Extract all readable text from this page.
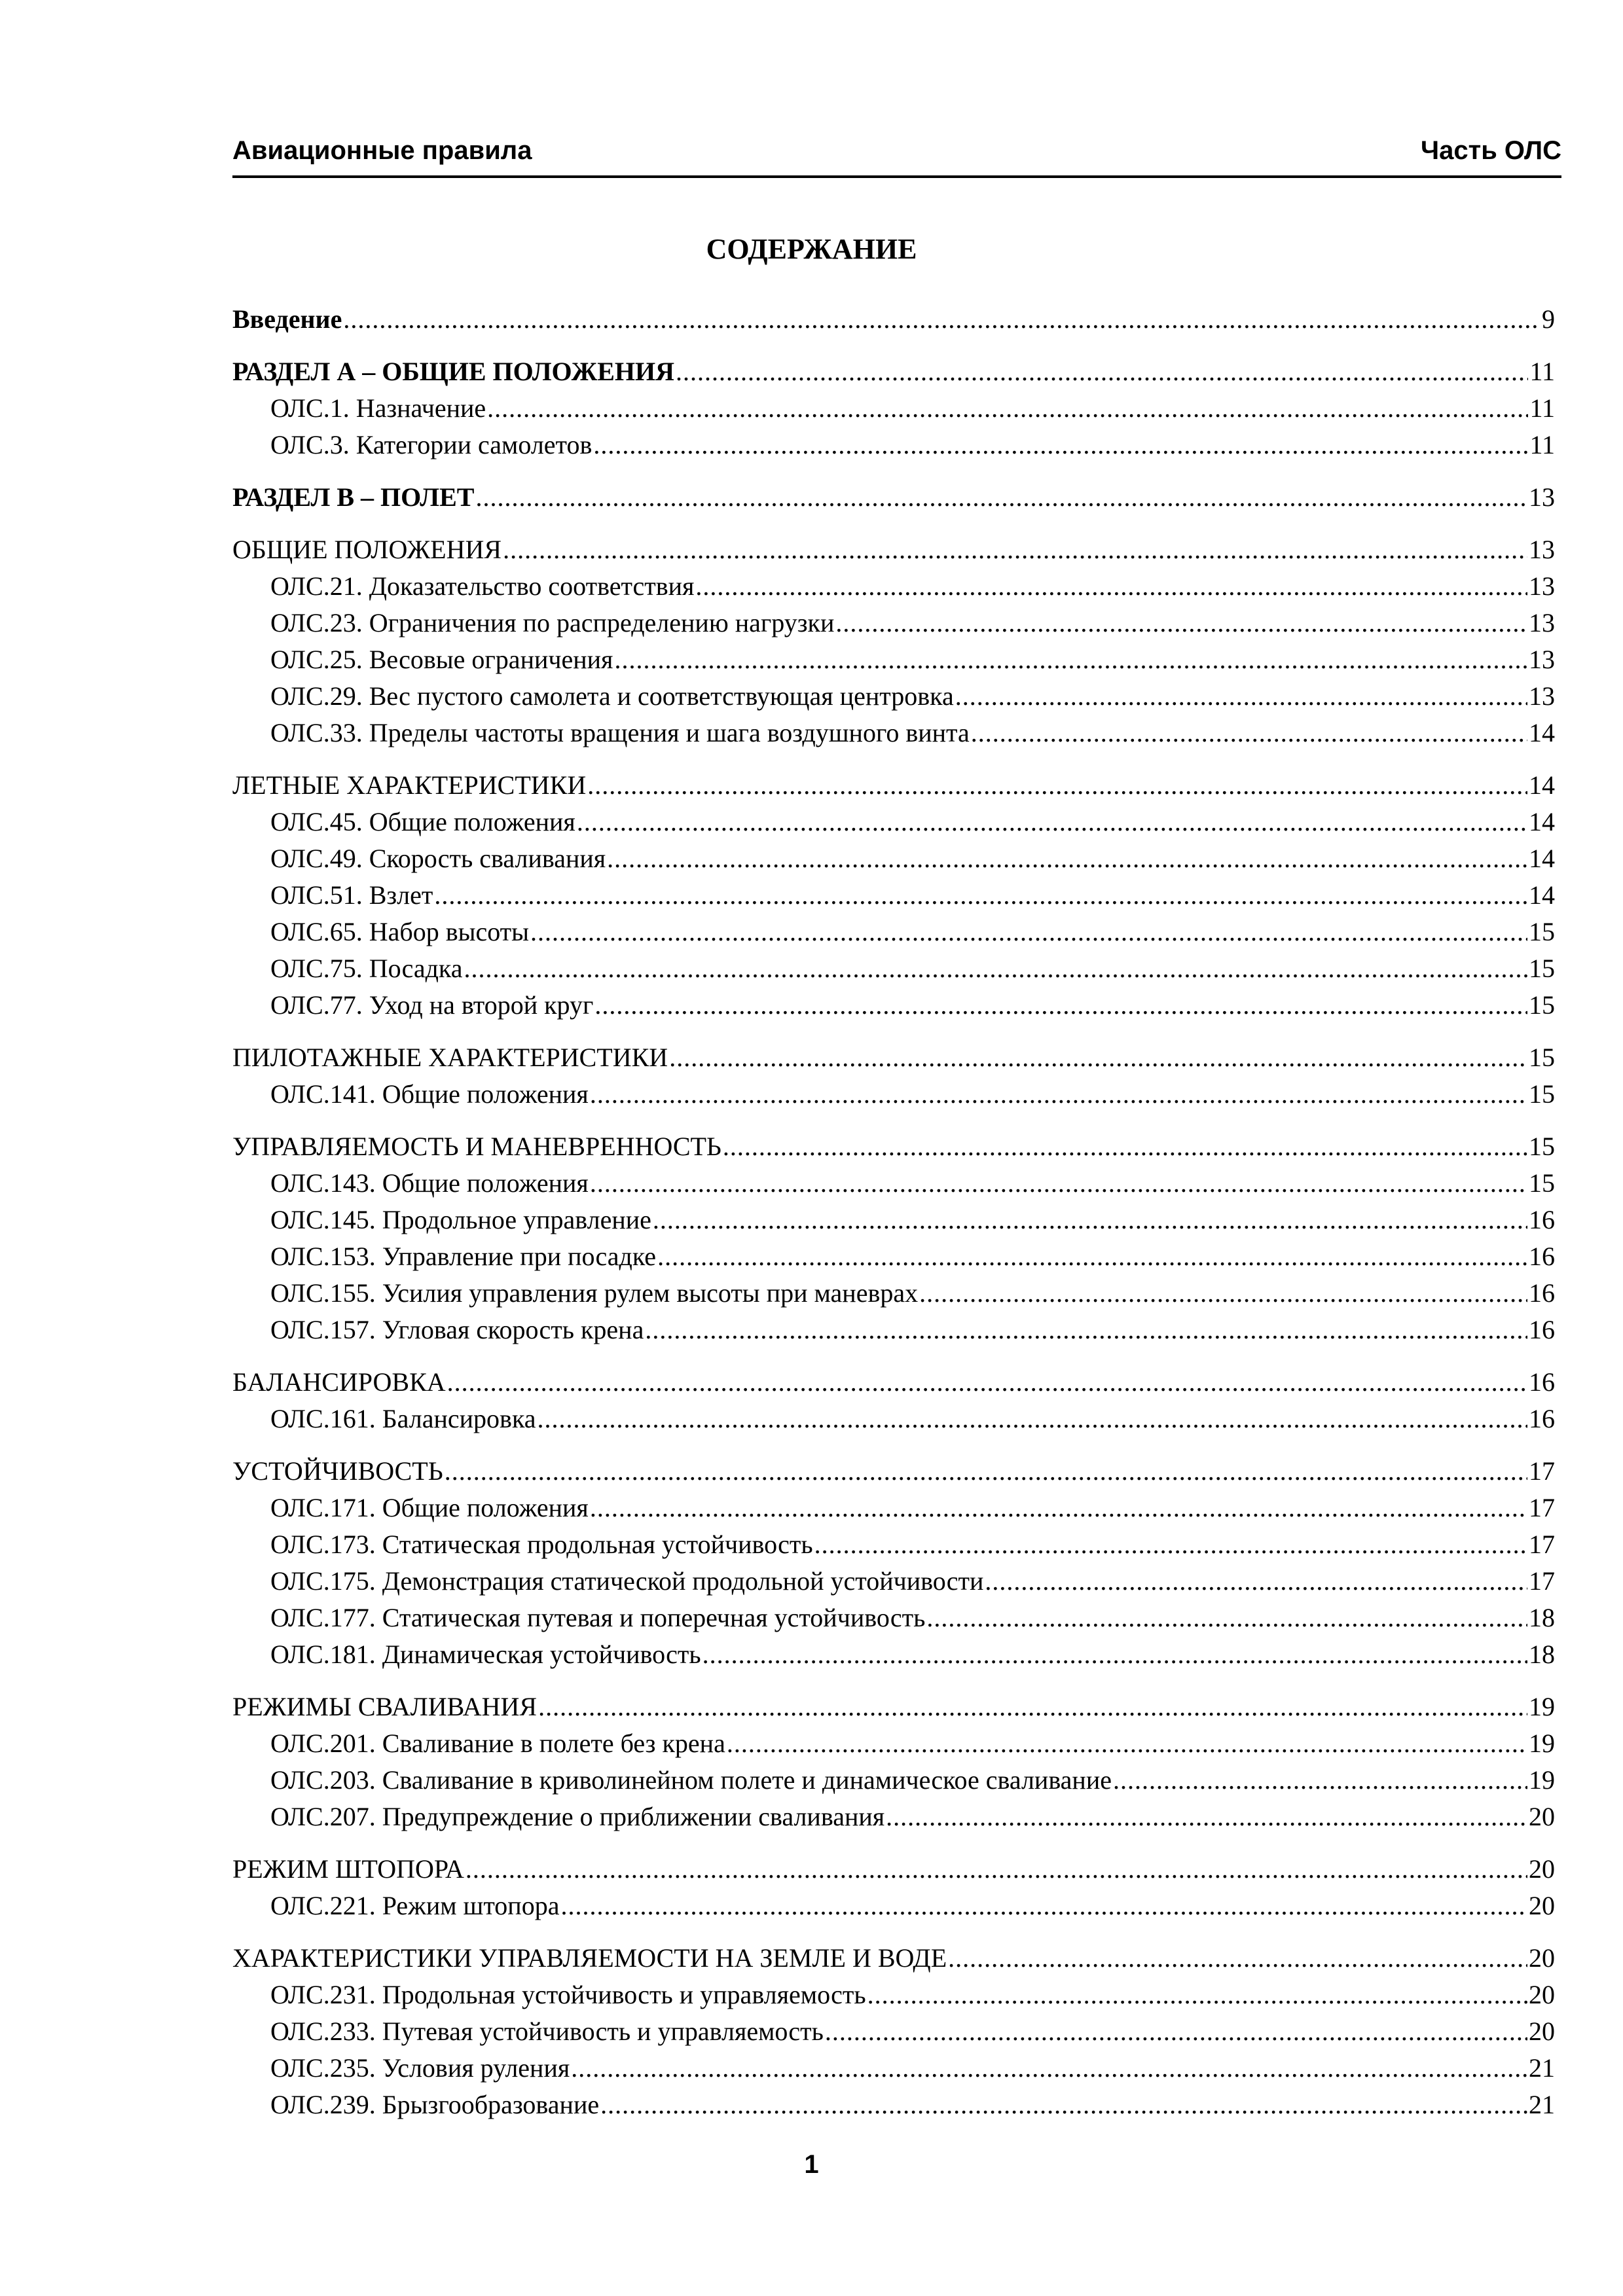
Авиационные правила	Часть ОЛС
СОДЕРЖАНИЕ
Введение .....	9
РАЗДЕЛ А – ОБЩИЕ ПОЛОЖЕНИЯ .....	11
ОЛС.1. Назначение .....	11
ОЛС.3. Категории самолетов .....	11
РАЗДЕЛ В – ПОЛЕТ .....	13
ОБЩИЕ ПОЛОЖЕНИЯ .....	13
ОЛС.21. Доказательство соответствия .....	13
ОЛС.23. Ограничения по распределению нагрузки .....	13
ОЛС.25. Весовые ограничения .....	13
ОЛС.29. Вес пустого самолета и соответствующая центровка .....	13
ОЛС.33. Пределы частоты вращения и шага воздушного винта .....	14
ЛЕТНЫЕ ХАРАКТЕРИСТИКИ .....	14
ОЛС.45. Общие положения .....	14
ОЛС.49. Скорость сваливания .....	14
ОЛС.51. Взлет .....	14
ОЛС.65. Набор высоты .....	15
ОЛС.75. Посадка .....	15
ОЛС.77. Уход на второй круг .....	15
ПИЛОТАЖНЫЕ ХАРАКТЕРИСТИКИ .....	15
ОЛС.141. Общие положения .....	15
УПРАВЛЯЕМОСТЬ И МАНЕВРЕННОСТЬ .....	15
ОЛС.143. Общие положения .....	15
ОЛС.145. Продольное управление .....	16
ОЛС.153. Управление при посадке .....	16
ОЛС.155. Усилия управления рулем высоты при маневрах .....	16
ОЛС.157. Угловая скорость крена .....	16
БАЛАНСИРОВКА .....	16
ОЛС.161. Балансировка .....	16
УСТОЙЧИВОСТЬ .....	17
ОЛС.171. Общие положения .....	17
ОЛС.173. Статическая продольная устойчивость .....	17
ОЛС.175. Демонстрация статической продольной устойчивости .....	17
ОЛС.177. Статическая путевая и поперечная устойчивость .....	18
ОЛС.181. Динамическая устойчивость .....	18
РЕЖИМЫ СВАЛИВАНИЯ .....	19
ОЛС.201. Сваливание в полете без крена .....	19
ОЛС.203. Сваливание в криволинейном полете и динамическое сваливание .....	19
ОЛС.207. Предупреждение о приближении сваливания .....	20
РЕЖИМ ШТОПОРА .....	20
ОЛС.221. Режим штопора .....	20
ХАРАКТЕРИСТИКИ УПРАВЛЯЕМОСТИ НА ЗЕМЛЕ И ВОДЕ .....	20
ОЛС.231. Продольная устойчивость и управляемость .....	20
ОЛС.233. Путевая устойчивость и управляемость .....	20
ОЛС.235. Условия руления .....	21
ОЛС.239. Брызгообразование .....	21
1
